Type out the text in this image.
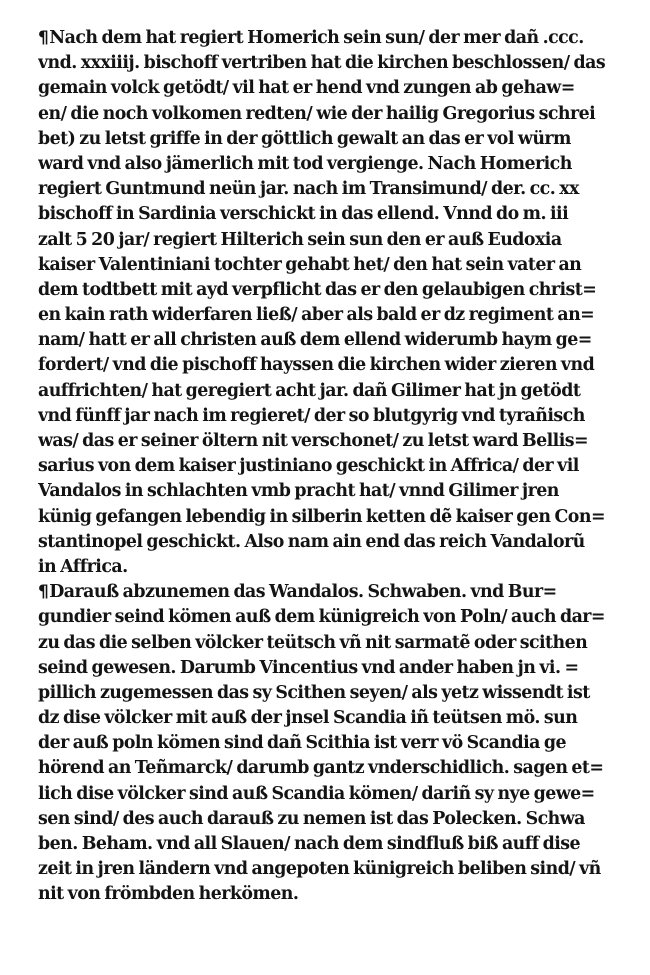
¶Nach dem hat regiert Homerich sein sun/ der mer dañ .ccc.
vnd. xxxiiij. bischoff vertriben hat die kirchen beschlossen/ das
gemain volck getödt/ vil hat er hend vnd zungen ab gehaw=
en/ die noch volkomen redten/ wie der hailig Gregorius schrei
bet) zu letst griffe in der göttlich gewalt an das er vol würm
ward vnd also jämerlich mit tod vergienge. Nach Homerich
regiert Guntmund neün jar. nach im Transimund/ der. cc. xx
bischoff in Sardinia verschickt in das ellend. Vnnd do m. iii
zalt 5 20 jar/ regiert Hilterich sein sun den er auß Eudoxia
kaiser Valentiniani tochter gehabt het/ den hat sein vater an
dem todtbett mit ayd verpflicht das er den gelaubigen christ=
en kain rath widerfaren ließ/ aber als bald er dz regiment an=
nam/ hatt er all christen auß dem ellend widerumb haym ge=
fordert/ vnd die pischoff hayssen die kirchen wider zieren vnd
auffrichten/ hat geregiert acht jar. dañ Gilimer hat jn getödt
vnd fünff jar nach im regieret/ der so blutgyrig vnd tyrañisch
was/ das er seiner öltern nit verschonet/ zu letst ward Bellis=
sarius von dem kaiser justiniano geschickt in Affrica/ der vil
Vandalos in schlachten vmb pracht hat/ vnnd Gilimer jren
künig gefangen lebendig in silberin ketten dẽ kaiser gen Con=
stantinopel geschickt. Also nam ain end das reich Vandalorũ
in Affrica.
¶Darauß abzunemen das Wandalos. Schwaben. vnd Bur=
gundier seind kömen auß dem künigreich von Poln/ auch dar=
zu das die selben völcker teütsch vñ nit sarmatẽ oder scithen
seind gewesen. Darumb Vincentius vnd ander haben jn vi. =
pillich zugemessen das sy Scithen seyen/ als yetz wissendt ist
dz dise völcker mit auß der jnsel Scandia iñ teütsen mö. sun
der auß poln kömen sind dañ Scithia ist verr vö Scandia ge
hörend an Teñmarck/ darumb gantz vnderschidlich. sagen et=
lich dise völcker sind auß Scandia kömen/ dariñ sy nye gewe=
sen sind/ des auch darauß zu nemen ist das Polecken. Schwa
ben. Beham. vnd all Slauen/ nach dem sindfluß biß auff dise
zeit in jren ländern vnd angepoten künigreich beliben sind/ vñ
nit von frömbden herkömen.
